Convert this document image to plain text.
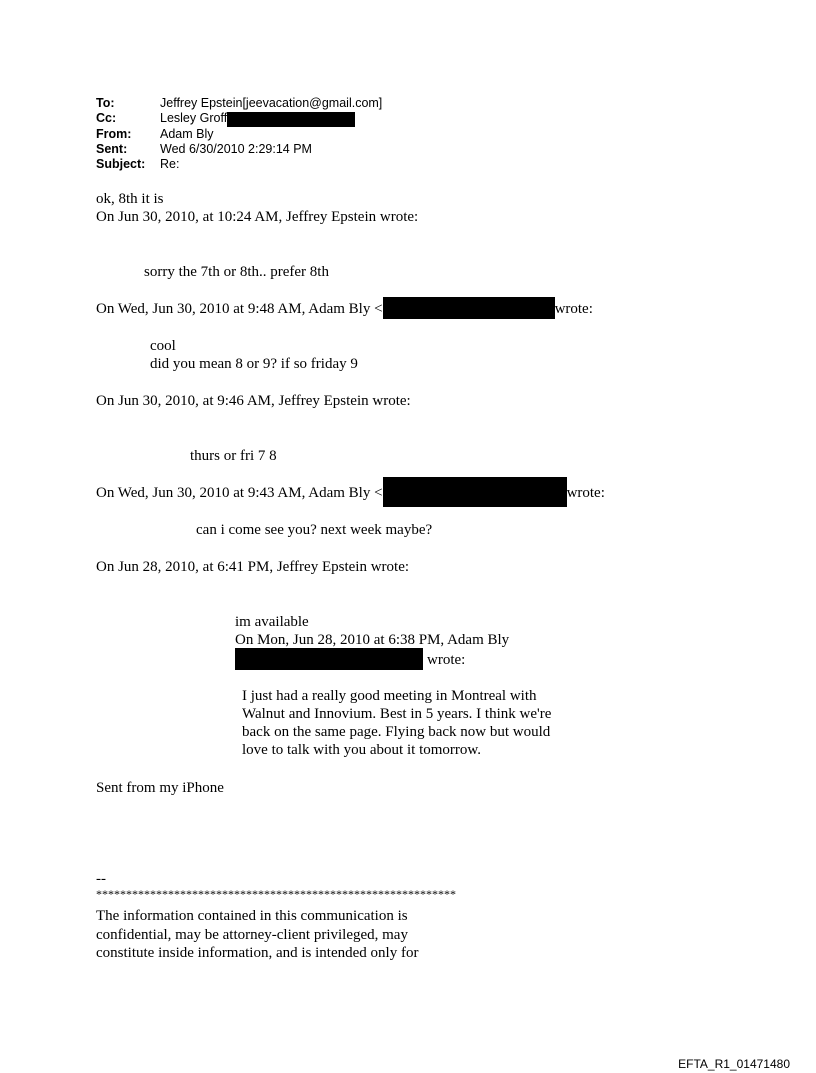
To:	Jeffrey Epstein[jeevacation@gmail.com]
Cc:	Lesley Groff
From:	Adam Bly
Sent:	Wed 6/30/2010 2:29:14 PM
Subject:	Re:
ok, 8th it is
On Jun 30, 2010, at 10:24 AM, Jeffrey Epstein wrote:
sorry the 7th or 8th.. prefer 8th
On Wed, Jun 30, 2010 at 9:48 AM, Adam Bly <	wrote:
cool
did you mean 8 or 9? if so friday 9
On Jun 30, 2010, at 9:46 AM, Jeffrey Epstein wrote:
thurs or fri 7 8
On Wed, Jun 30, 2010 at 9:43 AM, Adam Bly <	wrote:
can i come see you? next week maybe?
On Jun 28, 2010, at 6:41 PM, Jeffrey Epstein wrote:
im available
On Mon, Jun 28, 2010 at 6:38 PM, Adam Bly
wrote:
I just had a really good meeting in Montreal with
Walnut and Innovium. Best in 5 years. I think we're
back on the same page. Flying back now but would
love to talk with you about it tomorrow.
Sent from my iPhone
--
************************************************************
The information contained in this communication is
confidential, may be attorney-client privileged, may
constitute inside information, and is intended only for
EFTA_R1_01471480
